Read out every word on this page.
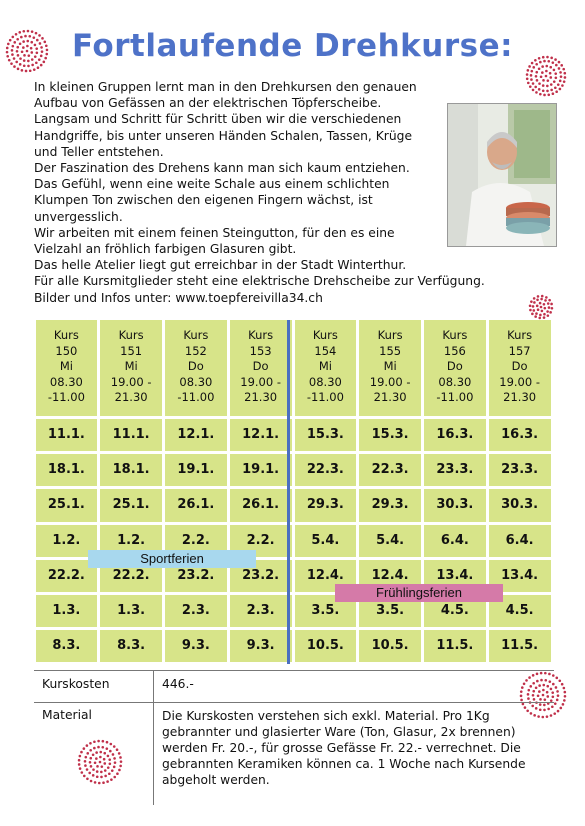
Fortlaufende Drehkurse:
In kleinen Gruppen lernt man in den Drehkursen den genauen
Aufbau von Gefässen an der elektrischen Töpferscheibe.
Langsam und Schritt für Schritt üben wir die verschiedenen
Handgriffe, bis unter unseren Händen Schalen, Tassen, Krüge
und Teller entstehen.
Der Faszination des Drehens kann man sich kaum entziehen.
Das Gefühl, wenn eine weite Schale aus einem schlichten
Klumpen Ton zwischen den eigenen Fingern wächst, ist
unvergesslich.
Wir arbeiten mit einem feinen Steingutton, für den es eine
Vielzahl an fröhlich farbigen Glasuren gibt.
Das helle Atelier liegt gut erreichbar in der Stadt Winterthur.
Für alle Kursmitglieder steht eine elektrische Drehscheibe zur Verfügung.
Bilder und Infos unter: www.toepfereivilla34.ch
Kurs
150
Mi
08.30
-11.00
Kurs
151
Mi
19.00 -
21.30
Kurs
152
Do
08.30
-11.00
Kurs
153
Do
19.00 -
21.30
Kurs
154
Mi
08.30
-11.00
Kurs
155
Mi
19.00 -
21.30
Kurs
156
Do
08.30
-11.00
Kurs
157
Do
19.00 -
21.30
11.1.	11.1.	12.1.	12.1.	15.3.	15.3.	16.3.	16.3.
18.1.	18.1.	19.1.	19.1.	22.3.	22.3.	23.3.	23.3.
25.1.	25.1.	26.1.	26.1.	29.3.	29.3.	30.3.	30.3.
1.2.	1.2.	2.2.	2.2.	5.4.	5.4.	6.4.	6.4.
22.2.	22.2.	23.2.	23.2.	12.4.	12.4.	13.4.	13.4.
1.3.	1.3.	2.3.	2.3.	3.5.	3.5.	4.5.	4.5.
8.3.	8.3.	9.3.	9.3.	10.5.	10.5.	11.5.	11.5.
Sportferien
Frühlingsferien
Kurskosten	446.-
Material	Die Kurskosten verstehen sich exkl. Material. Pro 1Kg
gebrannter und glasierter Ware (Ton, Glasur, 2x brennen)
werden Fr. 20.-, für grosse Gefässe Fr. 22.- verrechnet. Die
gebrannten Keramiken können ca. 1 Woche nach Kursende
abgeholt werden.
